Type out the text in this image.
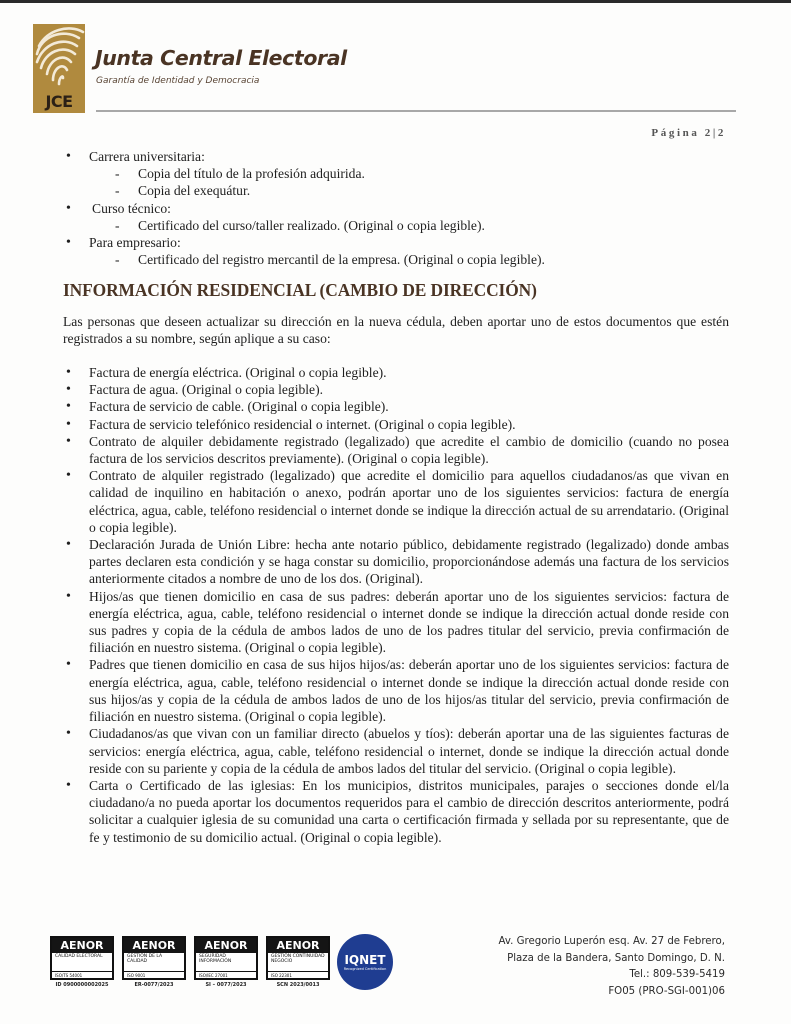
JCE
Junta Central Electoral
Garantía de Identidad y Democracia
Página 2|2
• Carrera universitaria:
- Copia del título de la profesión adquirida.
- Copia del exequátur.
• Curso técnico:
- Certificado del curso/taller realizado. (Original o copia legible).
• Para empresario:
- Certificado del registro mercantil de la empresa. (Original o copia legible).
INFORMACIÓN RESIDENCIAL (CAMBIO DE DIRECCIÓN)

Las personas que deseen actualizar su dirección en la nueva cédula, deben aportar uno de estos documentos que estén registrados a su nombre, según aplique a su caso:

• Factura de energía eléctrica. (Original o copia legible).
• Factura de agua. (Original o copia legible).
• Factura de servicio de cable. (Original o copia legible).
• Factura de servicio telefónico residencial o internet. (Original o copia legible).
• Contrato de alquiler debidamente registrado (legalizado) que acredite el cambio de domicilio (cuando no posea factura de los servicios descritos previamente). (Original o copia legible).
• Contrato de alquiler registrado (legalizado) que acredite el domicilio para aquellos ciudadanos/as que vivan en calidad de inquilino en habitación o anexo, podrán aportar uno de los siguientes servicios: factura de energía eléctrica, agua, cable, teléfono residencial o internet donde se indique la dirección actual de su arrendatario. (Original o copia legible).
• Declaración Jurada de Unión Libre: hecha ante notario público, debidamente registrado (legalizado) donde ambas partes declaren esta condición y se haga constar su domicilio, proporcionándose además una factura de los servicios anteriormente citados a nombre de uno de los dos. (Original).
• Hijos/as que tienen domicilio en casa de sus padres: deberán aportar uno de los siguientes servicios: factura de energía eléctrica, agua, cable, teléfono residencial o internet donde se indique la dirección actual donde reside con sus padres y copia de la cédula de ambos lados de uno de los padres titular del servicio, previa confirmación de filiación en nuestro sistema. (Original o copia legible).
• Padres que tienen domicilio en casa de sus hijos hijos/as: deberán aportar uno de los siguientes servicios: factura de energía eléctrica, agua, cable, teléfono residencial o internet donde se indique la dirección actual donde reside con sus hijos/as y copia de la cédula de ambos lados de uno de los hijos/as titular del servicio, previa confirmación de filiación en nuestro sistema. (Original o copia legible).
• Ciudadanos/as que vivan con un familiar directo (abuelos y tíos): deberán aportar una de las siguientes facturas de servicios: energía eléctrica, agua, cable, teléfono residencial o internet, donde se indique la dirección actual donde reside con su pariente y copia de la cédula de ambos lados del titular del servicio. (Original o copia legible).
• Carta o Certificado de las iglesias: En los municipios, distritos municipales, parajes o secciones donde el/la ciudadano/a no pueda aportar los documentos requeridos para el cambio de dirección descritos anteriormente, podrá solicitar a cualquier iglesia de su comunidad una carta o certificación firmada y sellada por su representante, que de fe y testimonio de su domicilio actual. (Original o copia legible).
AENOR
CALIDAD ELECTORAL
ISO/TS 54001
ID 0900000002025
AENOR
GESTIÓN DE LA CALIDAD
ISO 9001
ER-0077/2023
AENOR
SEGURIDAD INFORMACIÓN
ISO/IEC 27001
SI – 0077/2023
AENOR
GESTIÓN CONTINUIDAD NEGOCIO
ISO 22301
SCN 2023/0013
IQNET
Recognized Certification
Av. Gregorio Luperón esq. Av. 27 de Febrero,
Plaza de la Bandera, Santo Domingo, D. N.
Tel.: 809-539-5419
FO05 (PRO-SGI-001)06
